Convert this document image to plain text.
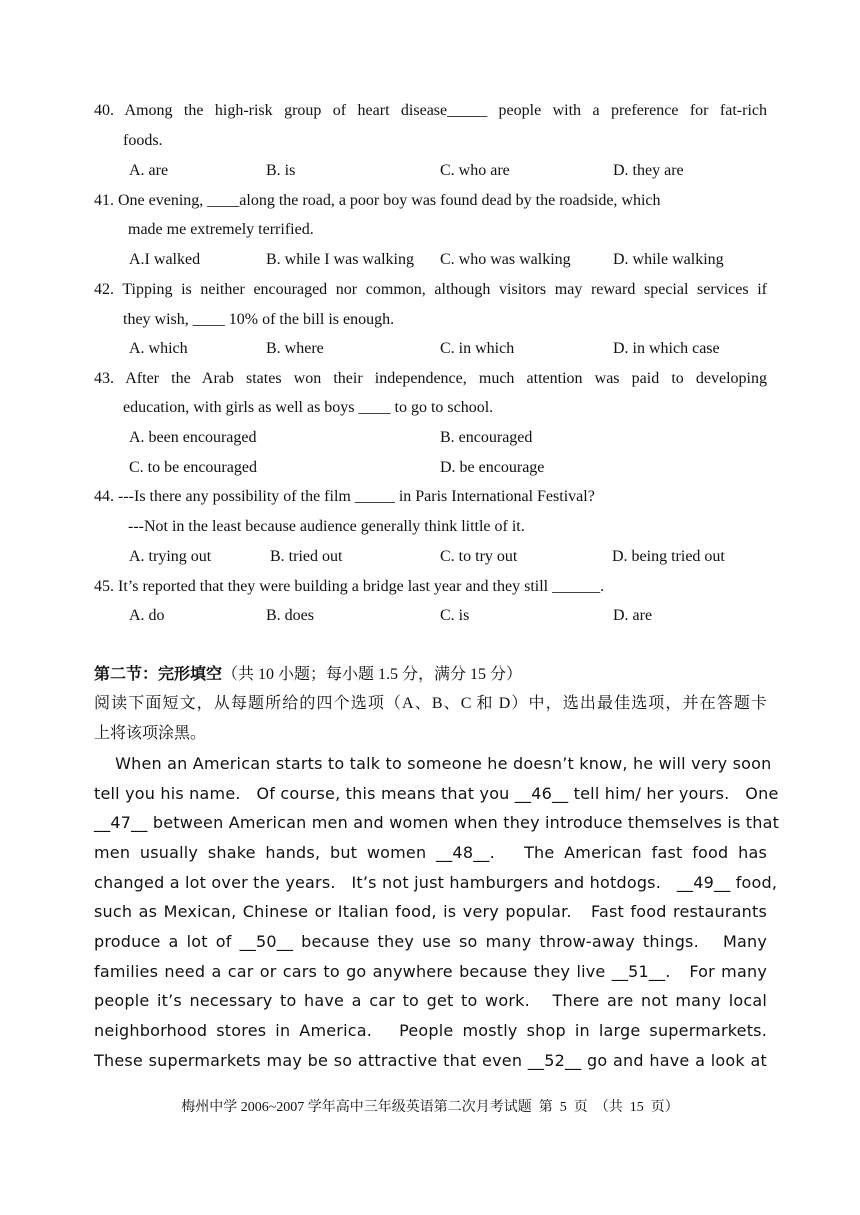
40. Among the high-risk group of heart disease_____ people with a preference for fat-rich
foods.
A. are	B. is	C. who are	D. they are
41. One evening, ____along the road, a poor boy was found dead by the roadside, which
made me extremely terrified.
A.I walked	B. while I was walking C. who was walking	D. while walking
42. Tipping is neither encouraged nor common, although visitors may reward special services if
they wish, ____ 10% of the bill is enough.
A. which	B. where	C. in which	D. in which case
43. After the Arab states won their independence, much attention was paid to developing
education, with girls as well as boys ____ to go to school.
A. been encouraged	B. encouraged
C. to be encouraged	D. be encourage
44. ---Is there any possibility of the film _____ in Paris International Festival?
---Not in the least because audience generally think little of it.
A. trying out	B. tried out	C. to try out	D. being tried out
45. It’s reported that they were building a bridge last year and they still ______.
A. do	B. does	C. is	D. are
第二节：完形填空（共 10 小题；每小题 1.5 分，满分 15 分）
阅读下面短文，从每题所给的四个选项（A、B、C 和 D）中，选出最佳选项，并在答题卡
上将该项涂黑。
When an American starts to talk to someone he doesn’t know, he will very soon
tell you his name.   Of course, this means that you __46__ tell him/ her yours.   One
__47__ between American men and women when they introduce themselves is that
men usually shake hands, but women __48__.   The American fast food has
changed a lot over the years.   It’s not just hamburgers and hotdogs.   __49__ food,
such as Mexican, Chinese or Italian food, is very popular.   Fast food restaurants
produce a lot of __50__ because they use so many throw-away things.   Many
families need a car or cars to go anywhere because they live __51__.   For many
people it’s necessary to have a car to get to work.   There are not many local
neighborhood stores in America.   People mostly shop in large supermarkets.
These supermarkets may be so attractive that even __52__ go and have a look at
梅州中学 2006~2007 学年高中三年级英语第二次月考试题  第  5  页  （共  15  页）
